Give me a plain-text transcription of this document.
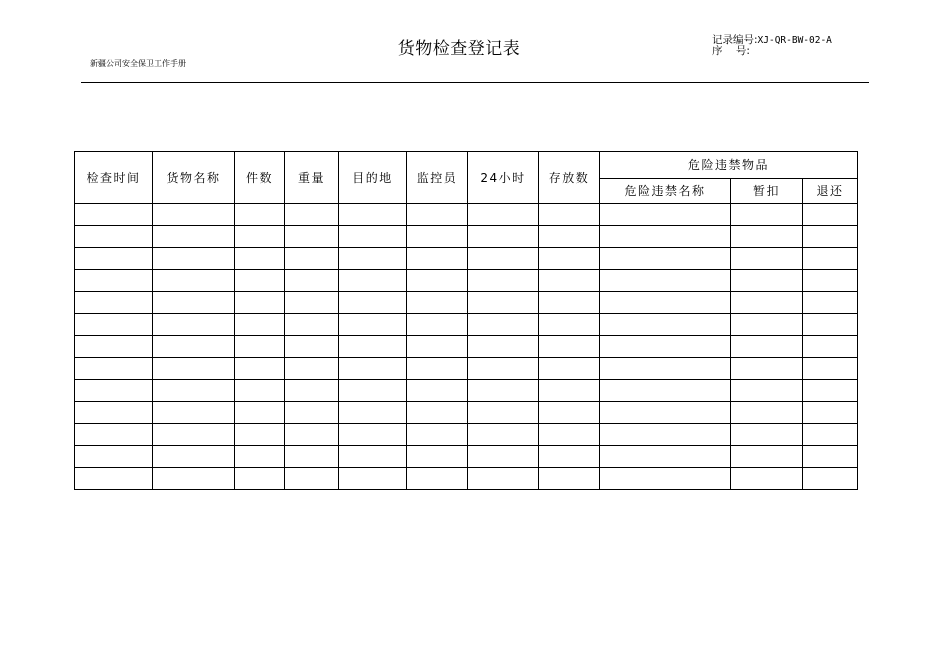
货物检查登记表
新疆公司安全保卫工作手册
记录编号:XJ-QR-BW-02-A
序    号:
检查时间	货物名称	件数	重量	目的地	监控员	24小时	存放数	危险违禁物品		
								危险违禁名称	暂扣	退还
